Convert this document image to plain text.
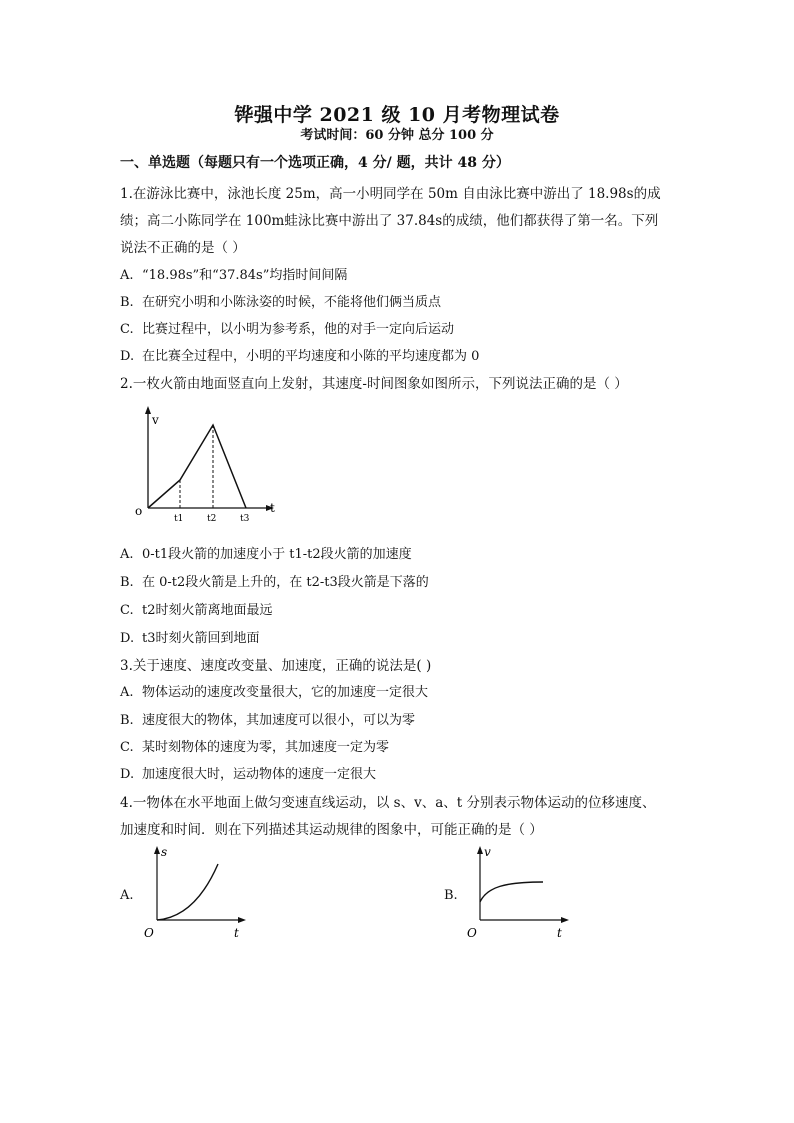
铧强中学 2021 级 10 月考物理试卷
考试时间：60 分钟 总分 100 分
一、单选题（每题只有一个选项正确，4 分/ 题，共计 48 分）
1.在游泳比赛中，泳池长度 25m，高一小明同学在 50m 自由泳比赛中游出了 18.98s的成
绩；高二小陈同学在 100m蛙泳比赛中游出了 37.84s的成绩，他们都获得了第一名。下列
说法不正确的是（ ）
A. “18.98s”和“37.84s”均指时间间隔
B. 在研究小明和小陈泳姿的时候，不能将他们俩当质点
C. 比赛过程中，以小明为参考系，他的对手一定向后运动
D. 在比赛全过程中，小明的平均速度和小陈的平均速度都为 0
2.一枚火箭由地面竖直向上发射，其速度-时间图象如图所示，下列说法正确的是（ ）
v
t
o
t1	t2	t3
A. 0-t1段火箭的加速度小于 t1-t2段火箭的加速度
B. 在 0-t2段火箭是上升的，在 t2-t3段火箭是下落的
C. t2时刻火箭离地面最远
D. t3时刻火箭回到地面
3.关于速度、速度改变量、加速度，正确的说法是( )
A. 物体运动的速度改变量很大，它的加速度一定很大
B. 速度很大的物体，其加速度可以很小，可以为零
C. 某时刻物体的速度为零，其加速度一定为零
D. 加速度很大时，运动物体的速度一定很大
4.一物体在水平地面上做匀变速直线运动，以 s、v、a、t 分别表示物体运动的位移速度、
加速度和时间．则在下列描述其运动规律的图象中，可能正确的是（ ）
A.
s
t
O
B.
v
t
O
